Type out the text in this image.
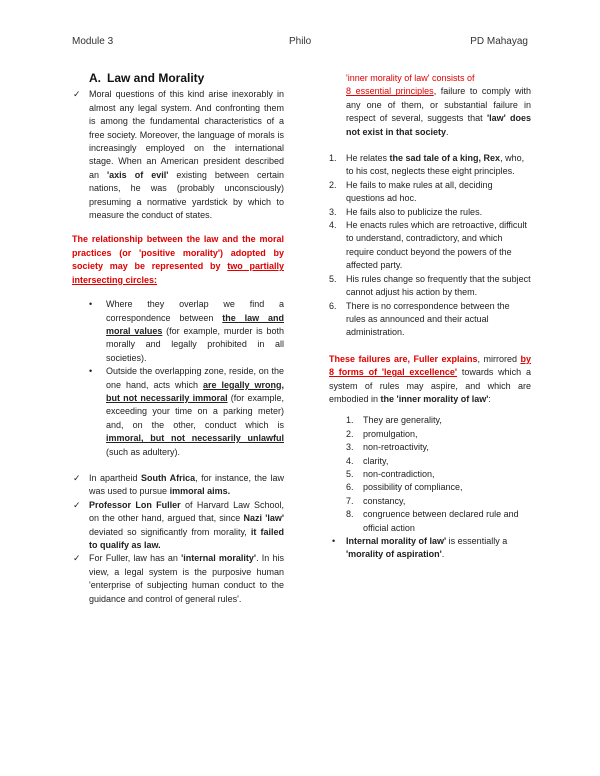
Module 3	Philo	PD Mahayag
A. Law and Morality

✓ Moral questions of this kind arise inexorably in almost any legal system. And confronting them is among the fundamental characteristics of a free society. Moreover, the language of morals is increasingly employed on the international stage. When an American president described an 'axis of evil' existing between certain nations, he was (probably unconsciously) presuming a normative yardstick by which to measure the conduct of states.

The relationship between the law and the moral practices (or 'positive morality') adopted by society may be represented by two partially intersecting circles:

• Where they overlap we find a correspondence between the law and moral values (for example, murder is both morally and legally prohibited in all societies).
• Outside the overlapping zone, reside, on the one hand, acts which are legally wrong, but not necessarily immoral (for example, exceeding your time on a parking meter) and, on the other, conduct which is immoral, but not necessarily unlawful (such as adultery).

✓ In apartheid South Africa, for instance, the law was used to pursue immoral aims.

✓ Professor Lon Fuller of Harvard Law School, on the other hand, argued that, since Nazi 'law' deviated so significantly from morality, it failed to qualify as law.

✓ For Fuller, law has an 'internal morality'. In his view, a legal system is the purposive human 'enterprise of subjecting human conduct to the guidance and control of general rules'.

'inner morality of law' consists of
8 essential principles, failure to comply with any one of them, or substantial failure in respect of several, suggests that 'law' does not exist in that society.

1. He relates the sad tale of a king, Rex, who, to his cost, neglects these eight principles.
2. He fails to make rules at all, deciding questions ad hoc.
3. He fails also to publicize the rules.
4. He enacts rules which are retroactive, difficult to understand, contradictory, and which require conduct beyond the powers of the affected party.
5. His rules change so frequently that the subject cannot adjust his action by them.
6. There is no correspondence between the rules as announced and their actual administration.

These failures are, Fuller explains, mirrored by 8 forms of 'legal excellence' towards which a system of rules may aspire, and which are embodied in the 'inner morality of law':

1. They are generality,
2. promulgation,
3. non-retroactivity,
4. clarity,
5. non-contradiction,
6. possibility of compliance,
7. constancy,
8. congruence between declared rule and official action

• Internal morality of law' is essentially a 'morality of aspiration'.
